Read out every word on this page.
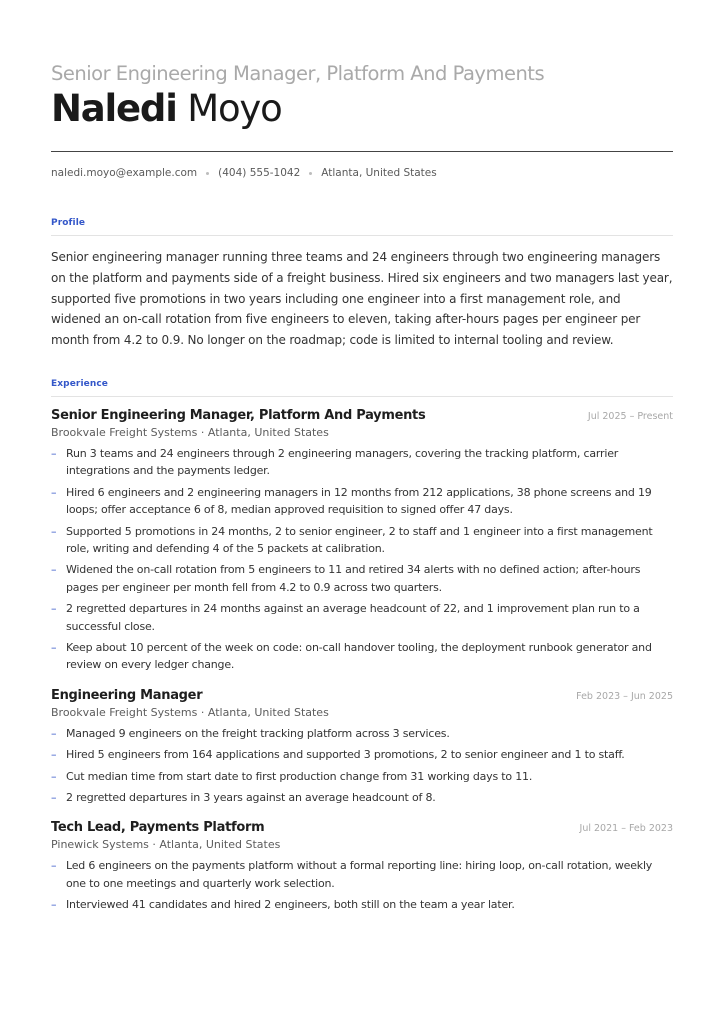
Senior Engineering Manager, Platform And Payments
Naledi Moyo
naledi.moyo@example.com (404) 555-1042 Atlanta, United States
Profile
Senior engineering manager running three teams and 24 engineers through two engineering managers on the platform and payments side of a freight business. Hired six engineers and two managers last year, supported five promotions in two years including one engineer into a first management role, and widened an on-call rotation from five engineers to eleven, taking after-hours pages per engineer per month from 4.2 to 0.9. No longer on the roadmap; code is limited to internal tooling and review.
Experience
Senior Engineering Manager, Platform And Payments	Jul 2025 – Present
Brookvale Freight Systems · Atlanta, United States
– Run 3 teams and 24 engineers through 2 engineering managers, covering the tracking platform, carrier integrations and the payments ledger.
– Hired 6 engineers and 2 engineering managers in 12 months from 212 applications, 38 phone screens and 19 loops; offer acceptance 6 of 8, median approved requisition to signed offer 47 days.
– Supported 5 promotions in 24 months, 2 to senior engineer, 2 to staff and 1 engineer into a first management role, writing and defending 4 of the 5 packets at calibration.
– Widened the on-call rotation from 5 engineers to 11 and retired 34 alerts with no defined action; after-hours pages per engineer per month fell from 4.2 to 0.9 across two quarters.
– 2 regretted departures in 24 months against an average headcount of 22, and 1 improvement plan run to a successful close.
– Keep about 10 percent of the week on code: on-call handover tooling, the deployment runbook generator and review on every ledger change.
Engineering Manager	Feb 2023 – Jun 2025
Brookvale Freight Systems · Atlanta, United States
– Managed 9 engineers on the freight tracking platform across 3 services.
– Hired 5 engineers from 164 applications and supported 3 promotions, 2 to senior engineer and 1 to staff.
– Cut median time from start date to first production change from 31 working days to 11.
– 2 regretted departures in 3 years against an average headcount of 8.
Tech Lead, Payments Platform	Jul 2021 – Feb 2023
Pinewick Systems · Atlanta, United States
– Led 6 engineers on the payments platform without a formal reporting line: hiring loop, on-call rotation, weekly one to one meetings and quarterly work selection.
– Interviewed 41 candidates and hired 2 engineers, both still on the team a year later.
